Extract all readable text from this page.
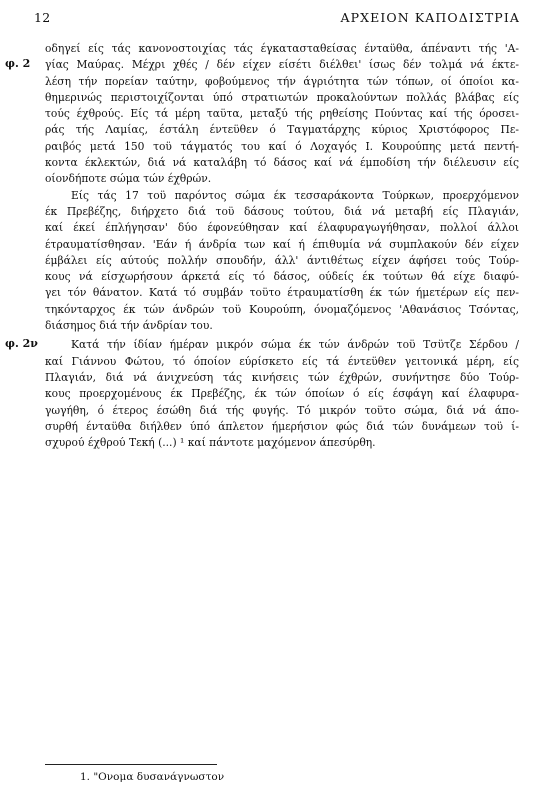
12	ΑΡΧΕΙΟΝ ΚΑΠΟΔΙΣΤΡΙΑ
οδηγεί είς τάς κανονοστοιχίας τάς έγκατασταθείσας ένταϋθα, άπέναντι τής 'Α-
γίας Μαύρας. Μέχρι χθές / δέν είχεν είσέτι διέλθει' ίσως δέν τολμά νά έκτε-
λέση τήν πορείαν ταύτην, φοβούμενος τήν άγριότητα τών τόπων, οί όποίοι κα-
θημερινώς περιστοιχίζονται ύπό στρατιωτών προκαλούντων πολλάς βλάβας είς
τούς έχθρούς. Είς τά μέρη ταϋτα, μεταξύ τής ρηθείσης Πούντας καί τής όροσει-
ράς τής Λαμίας, έστάλη έντεϋθεν ό Ταγματάρχης κύριος Χριστόφορος Πε-
ραιβός μετά 150 τοϋ τάγματός του καί ό Λοχαγός Ι. Κουρούπης μετά πεντή-
κοντα έκλεκτών, διά νά καταλάβη τό δάσος καί νά έμποδίση τήν διέλευσιν είς
οίονδήποτε σώμα τών έχθρών.
Είς τάς 17 τοϋ παρόντος σώμα έκ τεσσαράκοντα Τούρκων, προερχόμενον
έκ Πρεβέζης, διήρχετο διά τοϋ δάσους τούτου, διά νά μεταβή είς Πλαγιάν,
καί έκεί έπλήγησαν' δύο έφονεύθησαν καί έλαφυραγωγήθησαν, πολλοί άλλοι
έτραυματίσθησαν. 'Εάν ή άνδρία των καί ή έπιθυμία νά συμπλακούν δέν είχεν
έμβάλει είς αύτούς πολλήν σπουδήν, άλλ' άντιθέτως είχεν άφήσει τούς Τούρ-
κους νά είσχωρήσουν άρκετά είς τό δάσος, ούδείς έκ τούτων θά είχε διαφύ-
γει τόν θάνατον. Κατά τό συμβάν τοϋτο έτραυματίσθη έκ τών ήμετέρων είς πεν-
τηκόνταρχος έκ τών άνδρών τοϋ Κουρούπη, όνομαζόμενος 'Αθανάσιος Τσόντας,
διάσημος διά τήν άνδρίαν του.
Κατά τήν ίδίαν ήμέραν μικρόν σώμα έκ τών άνδρών τοϋ Τσϋτζε Σέρδου /
καί Γιάννου Φώτου, τό όποίον εύρίσκετο είς τά έντεϋθεν γειτονικά μέρη, είς
Πλαγιάν, διά νά άνιχνεύση τάς κινήσεις τών έχθρών, συνήντησε δύο Τούρ-
κους προερχομένους έκ Πρεβέζης, έκ τών όποίων ό είς έσφάγη καί έλαφυρα-
γωγήθη, ό έτερος έσώθη διά τής φυγής. Τό μικρόν τοϋτο σώμα, διά νά άπο-
συρθή ένταϋθα διήλθεν ύπό άπλετον ήμερήσιον φώς διά τών δυνάμεων τοϋ ί-
σχυρού έχθρού Τεκή (...) ¹ καί πάντοτε μαχόμενον άπεσύρθη.
φ. 2ν
φ. 2
1. "Ονομα δυσανάγνωστον
